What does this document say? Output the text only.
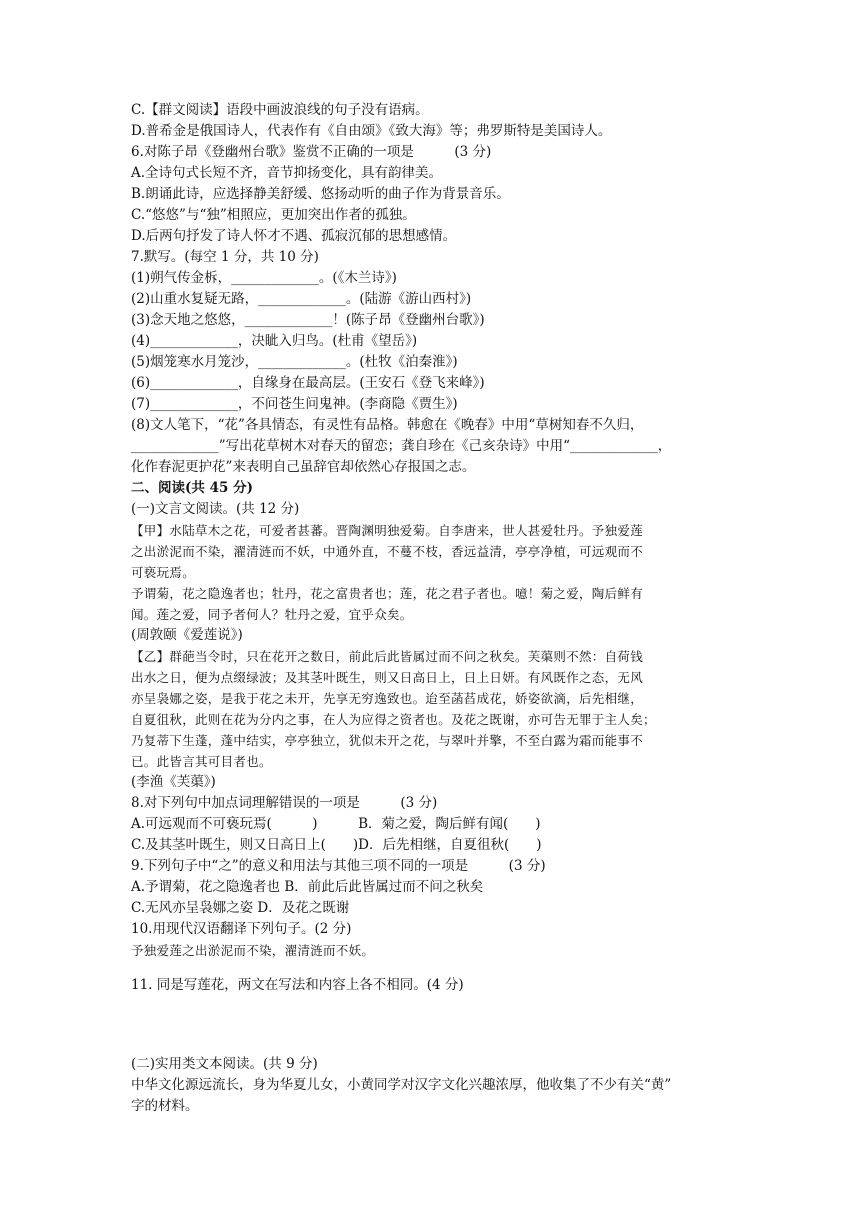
C.【群文阅读】语段中画波浪线的句子没有语病。
D.普希金是俄国诗人，代表作有《自由颂》《致大海》等；弗罗斯特是美国诗人。
6.对陈子昂《登幽州台歌》鉴赏不正确的一项是　　　(3 分)
A.全诗句式长短不齐，音节抑扬变化，具有韵律美。
B.朗诵此诗，应选择静美舒缓、悠扬动听的曲子作为背景音乐。
C.“悠悠”与“独”相照应，更加突出作者的孤独。
D.后两句抒发了诗人怀才不遇、孤寂沉郁的思想感情。
7.默写。(每空 1 分，共 10 分)
(1)朔气传金柝，_____________。(《木兰诗》)
(2)山重水复疑无路，_____________。(陆游《游山西村》)
(3)念天地之悠悠，_____________！(陈子昂《登幽州台歌》)
(4)_____________，决眦入归鸟。(杜甫《望岳》)
(5)烟笼寒水月笼沙，_____________。(杜牧《泊秦淮》)
(6)_____________，自缘身在最高层。(王安石《登飞来峰》)
(7)_____________，不问苍生问鬼神。(李商隐《贾生》)
(8)文人笔下，“花”各具情态，有灵性有品格。韩愈在《晚春》中用“草树知春不久归，
_____________”写出花草树木对春天的留恋；龚自珍在《己亥杂诗》中用“_____________，
化作春泥更护花”来表明自己虽辞官却依然心存报国之志。
二、阅读(共 45 分)
(一)文言文阅读。(共 12 分)
【甲】水陆草木之花，可爱者甚蕃。晋陶渊明独爱菊。自李唐来，世人甚爱牡丹。予独爱莲
之出淤泥而不染，濯清涟而不妖，中通外直，不蔓不枝，香远益清，亭亭净植，可远观而不
可亵玩焉。
予谓菊，花之隐逸者也；牡丹，花之富贵者也；莲，花之君子者也。噫！菊之爱，陶后鲜有
闻。莲之爱，同予者何人？牡丹之爱，宜乎众矣。
(周敦颐《爱莲说》)
【乙】群葩当令时，只在花开之数日，前此后此皆属过而不问之秋矣。芙蕖则不然：自荷钱
出水之日，便为点缀绿波；及其茎叶既生，则又日高日上，日上日妍。有风既作之态，无风
亦呈袅娜之姿，是我于花之未开，先享无穷逸致也。迨至菡萏成花，娇姿欲滴，后先相继，
自夏徂秋，此则在花为分内之事，在人为应得之资者也。及花之既谢，亦可告无罪于主人矣；
乃复蒂下生蓬，蓬中结实，亭亭独立，犹似未开之花，与翠叶并擎，不至白露为霜而能事不
已。此皆言其可目者也。
(李渔《芙蕖》)
8.对下列句中加点词理解错误的一项是　　　(3 分)
A.可远观而不可亵玩焉(　　　)　　　B．菊之爱，陶后鲜有闻(　　)
C.及其茎叶既生，则又日高日上(　　)D．后先相继，自夏徂秋(　　)
9.下列句子中“之”的意义和用法与其他三项不同的一项是　　　(3 分)
A.予谓菊，花之隐逸者也 B．前此后此皆属过而不问之秋矣
C.无风亦呈袅娜之姿 D．及花之既谢
10.用现代汉语翻译下列句子。(2 分)
予独爱莲之出淤泥而不染，濯清涟而不妖。
11. 同是写莲花，两文在写法和内容上各不相同。(4 分)
(二)实用类文本阅读。(共 9 分)
中华文化源远流长，身为华夏儿女，小黄同学对汉字文化兴趣浓厚，他收集了不少有关“黄”
字的材料。
